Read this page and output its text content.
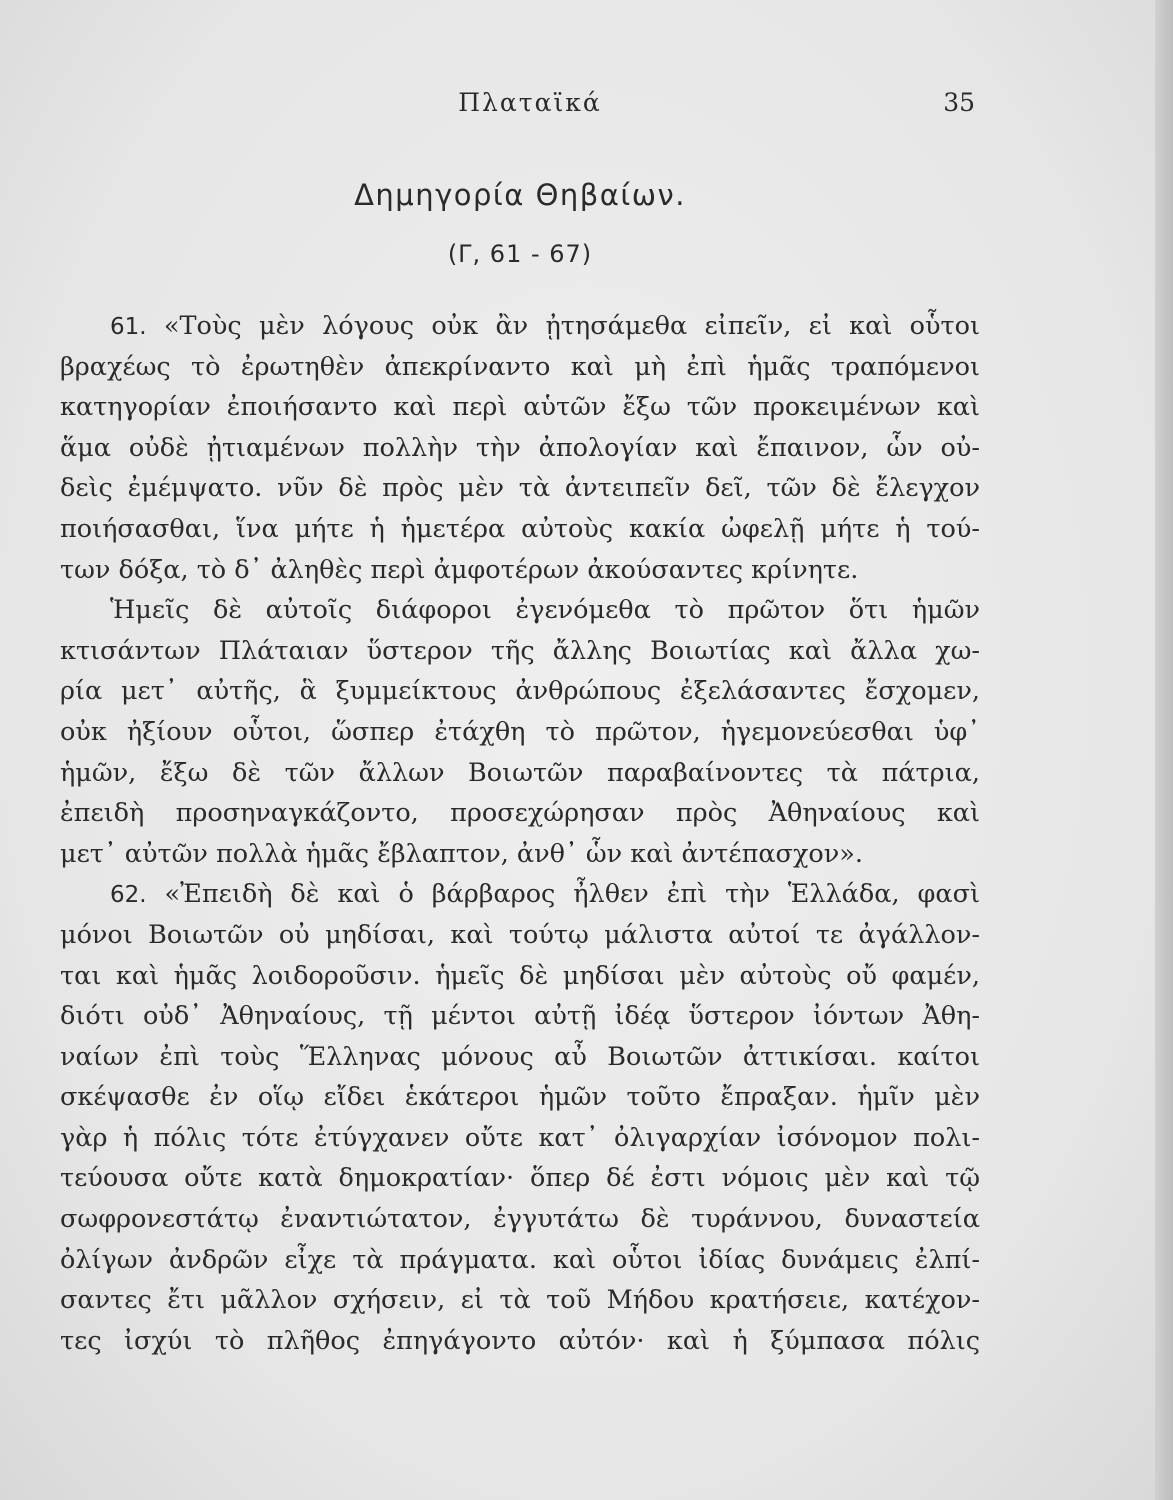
Πλαταϊκά	35
Δημηγορία Θηβαίων.
(Γ, 61 - 67)
61. «Τοὺς μὲν λόγους οὐκ ἂν ᾐτησάμεθα εἰπεῖν, εἰ καὶ οὗτοι
βραχέως τὸ ἐρωτηθὲν ἀπεκρίναντο καὶ μὴ ἐπὶ ἡμᾶς τραπόμενοι
κατηγορίαν ἐποιήσαντο καὶ περὶ αὑτῶν ἔξω τῶν προκειμένων καὶ
ἅμα οὐδὲ ᾐτιαμένων πολλὴν τὴν ἀπολογίαν καὶ ἔπαινον, ὧν οὐ-
δεὶς ἐμέμψατο. νῦν δὲ πρὸς μὲν τὰ ἀντειπεῖν δεῖ, τῶν δὲ ἔλεγχον
ποιήσασθαι, ἵνα μήτε ἡ ἡμετέρα αὐτοὺς κακία ὠφελῇ μήτε ἡ τού-
των δόξα, τὸ δ᾽ ἀληθὲς περὶ ἀμφοτέρων ἀκούσαντες κρίνητε.
Ἡμεῖς δὲ αὐτοῖς διάφοροι ἐγενόμεθα τὸ πρῶτον ὅτι ἡμῶν
κτισάντων Πλάταιαν ὕστερον τῆς ἄλλης Βοιωτίας καὶ ἄλλα χω-
ρία μετ᾽ αὐτῆς, ἃ ξυμμείκτους ἀνθρώπους ἐξελάσαντες ἔσχομεν,
οὐκ ἠξίουν οὗτοι, ὥσπερ ἐτάχθη τὸ πρῶτον, ἡγεμονεύεσθαι ὑφ᾽
ἡμῶν, ἔξω δὲ τῶν ἄλλων Βοιωτῶν παραβαίνοντες τὰ πάτρια,
ἐπειδὴ προσηναγκάζοντο, προσεχώρησαν πρὸς Ἀθηναίους καὶ
μετ᾽ αὐτῶν πολλὰ ἡμᾶς ἔβλαπτον, ἀνθ᾽ ὧν καὶ ἀντέπασχον».
62. «Ἐπειδὴ δὲ καὶ ὁ βάρβαρος ἦλθεν ἐπὶ τὴν Ἑλλάδα, φασὶ
μόνοι Βοιωτῶν οὐ μηδίσαι, καὶ τούτῳ μάλιστα αὐτοί τε ἀγάλλον-
ται καὶ ἡμᾶς λοιδοροῦσιν. ἡμεῖς δὲ μηδίσαι μὲν αὐτοὺς οὔ φαμέν,
διότι οὐδ᾽ Ἀθηναίους, τῇ μέντοι αὐτῇ ἰδέᾳ ὕστερον ἰόντων Ἀθη-
ναίων ἐπὶ τοὺς Ἕλληνας μόνους αὖ Βοιωτῶν ἀττικίσαι. καίτοι
σκέψασθε ἐν οἵῳ εἴδει ἑκάτεροι ἡμῶν τοῦτο ἔπραξαν. ἡμῖν μὲν
γὰρ ἡ πόλις τότε ἐτύγχανεν οὔτε κατ᾽ ὀλιγαρχίαν ἰσόνομον πολι-
τεύουσα οὔτε κατὰ δημοκρατίαν· ὅπερ δέ ἐστι νόμοις μὲν καὶ τῷ
σωφρονεστάτῳ ἐναντιώτατον, ἐγγυτάτω δὲ τυράννου, δυναστεία
ὀλίγων ἀνδρῶν εἶχε τὰ πράγματα. καὶ οὗτοι ἰδίας δυνάμεις ἐλπί-
σαντες ἔτι μᾶλλον σχήσειν, εἰ τὰ τοῦ Μήδου κρατήσειε, κατέχον-
τες ἰσχύι τὸ πλῆθος ἐπηγάγοντο αὐτόν· καὶ ἡ ξύμπασα πόλις
